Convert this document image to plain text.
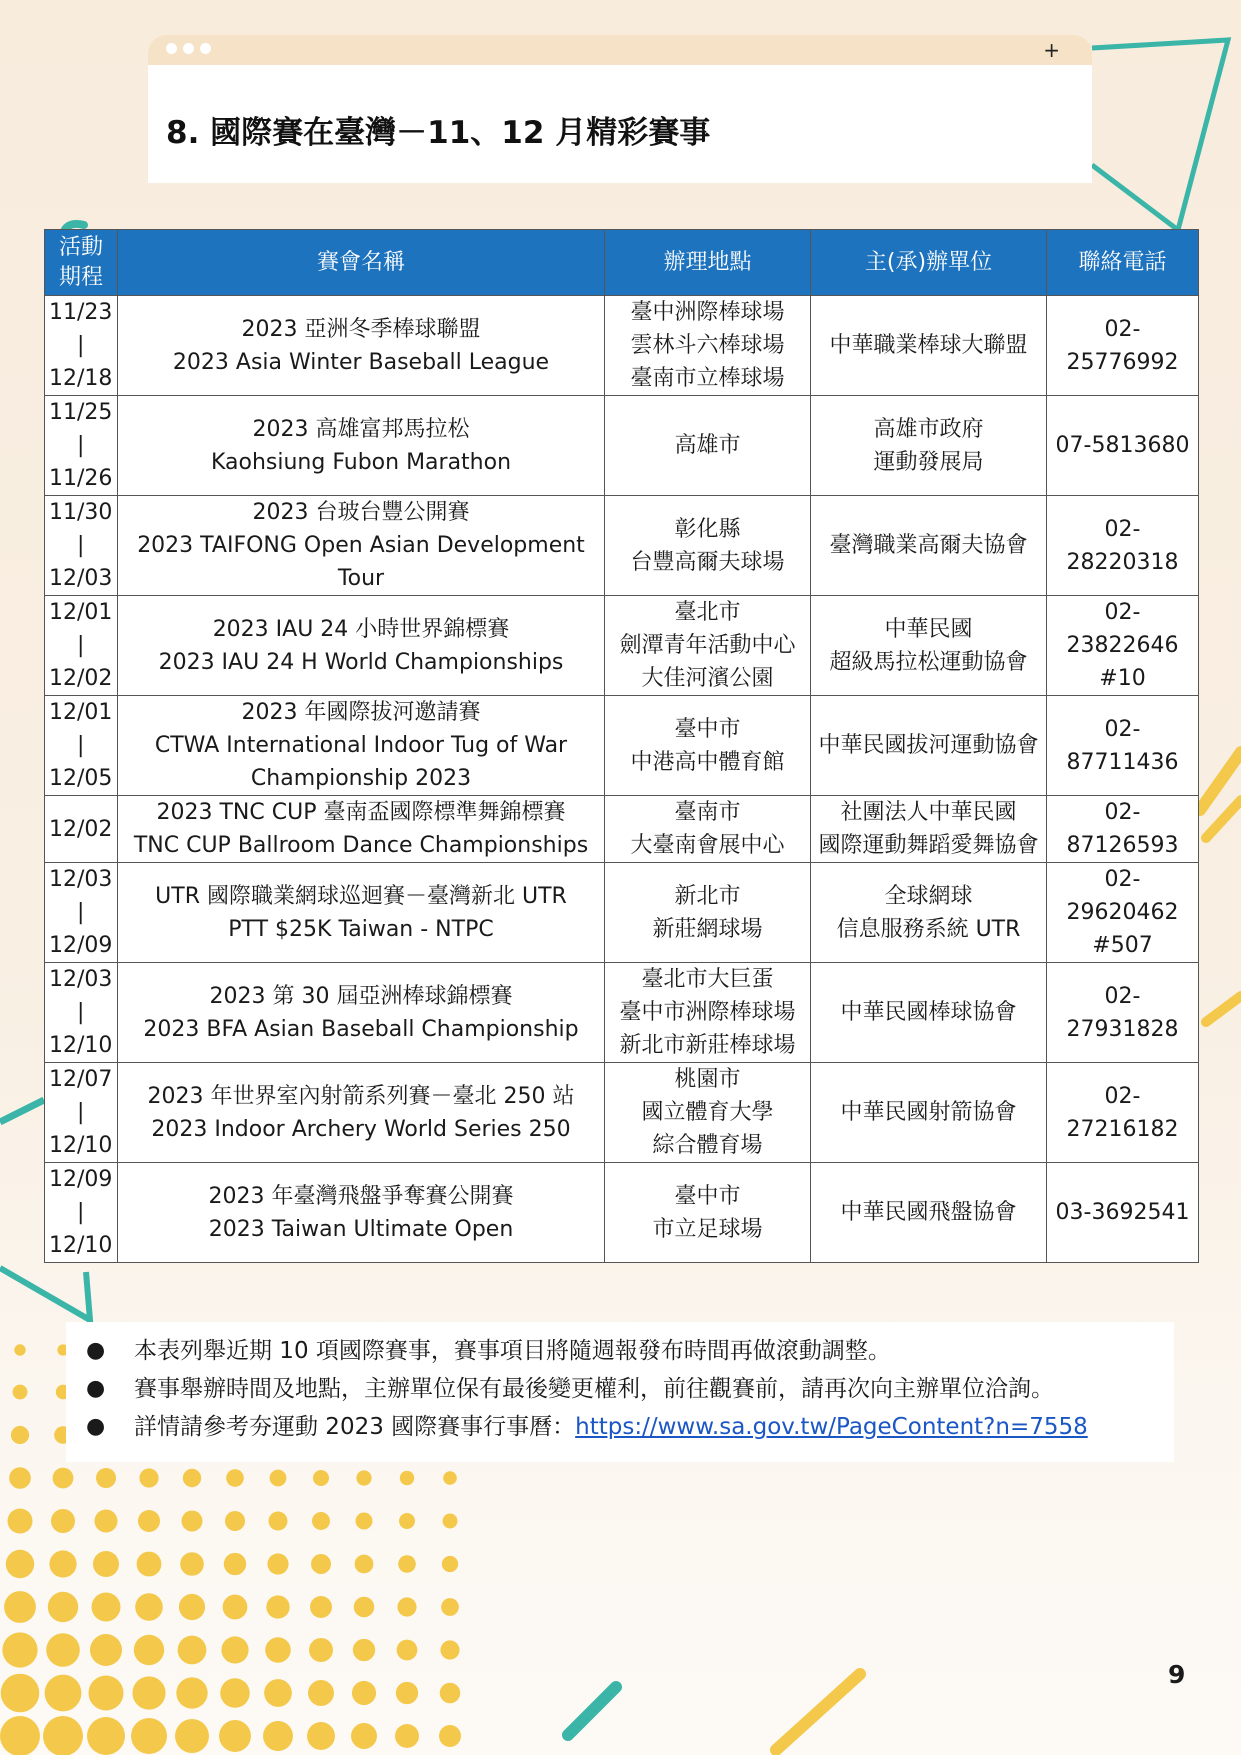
+
8. 國際賽在臺灣－11、12 月精彩賽事
活動
期程	賽會名稱	辦理地點	主(承)辦單位	聯絡電話

11/23
|
12/18	2023 亞洲冬季棒球聯盟
2023 Asia Winter Baseball League	臺中洲際棒球場
雲林斗六棒球場
臺南市立棒球場	中華職業棒球大聯盟	02-25776992

11/25
|
11/26	2023 高雄富邦馬拉松
Kaohsiung Fubon Marathon	高雄市	高雄市政府
運動發展局	07-5813680

11/30
|
12/03	2023 台玻台豐公開賽
2023 TAIFONG Open Asian Development
Tour	彰化縣
台豐高爾夫球場	臺灣職業高爾夫協會	02-28220318

12/01
|
12/02	2023 IAU 24 小時世界錦標賽
2023 IAU 24 H World Championships	臺北市
劍潭青年活動中心
大佳河濱公園	中華民國
超級馬拉松運動協會	02-23822646
#10

12/01
|
12/05	2023 年國際拔河邀請賽
CTWA International Indoor Tug of War
Championship 2023	臺中市
中港高中體育館	中華民國拔河運動協會	02-87711436

12/02	2023 TNC CUP 臺南盃國際標準舞錦標賽
TNC CUP Ballroom Dance Championships	臺南市
大臺南會展中心	社團法人中華民國
國際運動舞蹈愛舞協會	02-87126593

12/03
|
12/09	UTR 國際職業網球巡迴賽－臺灣新北 UTR
PTT $25K Taiwan - NTPC	新北市
新莊網球場	全球網球
信息服務系統 UTR	02-29620462
#507

12/03
|
12/10	2023 第 30 屆亞洲棒球錦標賽
2023 BFA Asian Baseball Championship	臺北市大巨蛋
臺中市洲際棒球場
新北市新莊棒球場	中華民國棒球協會	02-27931828

12/07
|
12/10	2023 年世界室內射箭系列賽－臺北 250 站
2023 Indoor Archery World Series 250	桃園市
國立體育大學
綜合體育場	中華民國射箭協會	02-27216182

12/09
|
12/10	2023 年臺灣飛盤爭奪賽公開賽
2023 Taiwan Ultimate Open	臺中市
市立足球場	中華民國飛盤協會	03-3692541
● 本表列舉近期 10 項國際賽事，賽事項目將隨週報發布時間再做滾動調整。
● 賽事舉辦時間及地點，主辦單位保有最後變更權利，前往觀賽前，請再次向主辦單位洽詢。
● 詳情請參考夯運動 2023 國際賽事行事曆：https://www.sa.gov.tw/PageContent?n=7558
9
